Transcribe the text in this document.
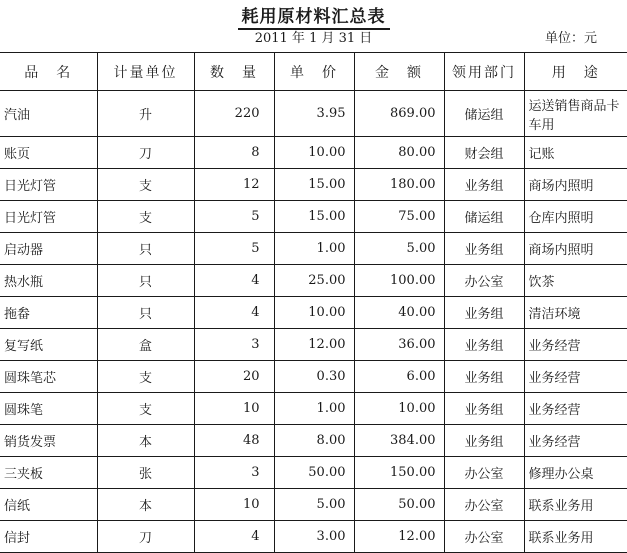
耗用原材料汇总表
2011 年 1 月 31 日	单位：元
品　名	计量单位	数　量	单　价	金　额	领用部门	用　途
汽油	升	220	3.95	869.00	储运组	运送销售商品卡车用
账页	刀	8	10.00	80.00	财会组	记账
日光灯管	支	12	15.00	180.00	业务组	商场内照明
日光灯管	支	5	15.00	75.00	储运组	仓库内照明
启动器	只	5	1.00	5.00	业务组	商场内照明
热水瓶	只	4	25.00	100.00	办公室	饮茶
拖畚	只	4	10.00	40.00	业务组	清洁环境
复写纸	盒	3	12.00	36.00	业务组	业务经营
圆珠笔芯	支	20	0.30	6.00	业务组	业务经营
圆珠笔	支	10	1.00	10.00	业务组	业务经营
销货发票	本	48	8.00	384.00	业务组	业务经营
三夹板	张	3	50.00	150.00	办公室	修理办公桌
信纸	本	10	5.00	50.00	办公室	联系业务用
信封	刀	4	3.00	12.00	办公室	联系业务用
